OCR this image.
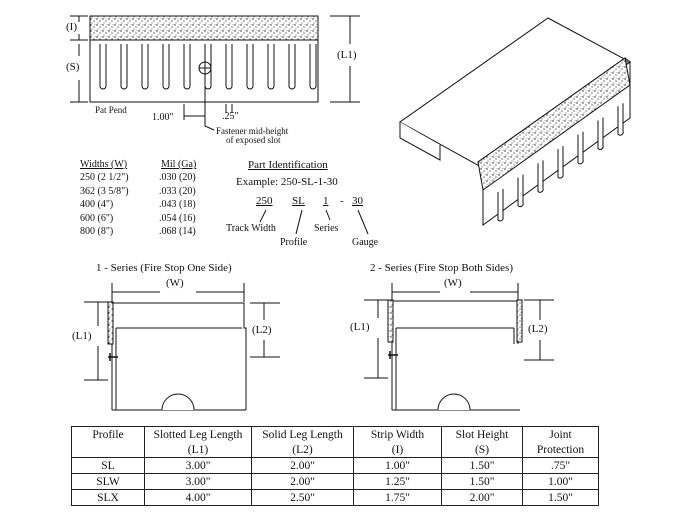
(I)
(S)
(L1)
Pat Pend
1.00"	.25"
Fastener mid-height
of exposed slot
Widths (W)	Mil (Ga)
250 (2 1/2")	.030 (20)
362 (3 5/8")	.033 (20)
400 (4")	.043 (18)
600 (6")	.054 (16)
800 (8")	.068 (14)
Part Identification
Example: 250-SL-1-30
250 SL 1 - 30
Track Width
Profile
Series
Gauge
1 - Series (Fire Stop One Side)
(W)
(L1)	(L2)
2 - Series (Fire Stop Both Sides)
(W)
(L1)	(L2)
Profile	Slotted Leg Length	Solid Leg Length	Strip Width	Slot Height	Joint
	(L1)	(L2)	(I)	(S)	Protection
SL	3.00"	2.00"	1.00"	1.50"	.75"
SLW	3.00"	2.00"	1.25"	1.50"	1.00"
SLX	4.00"	2.50"	1.75"	2.00"	1.50"
